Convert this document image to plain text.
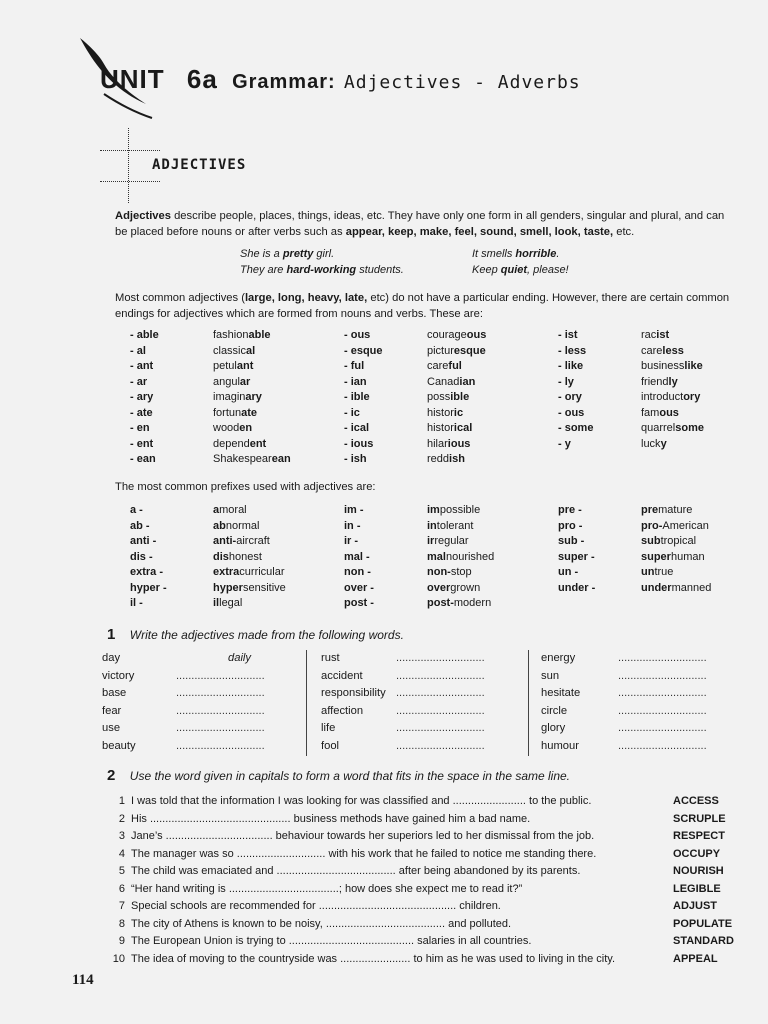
UNIT 6a Grammar: Adjectives - Adverbs
ADJECTIVES
Adjectives describe people, places, things, ideas, etc. They have only one form in all genders, singular and plural, and can be placed before nouns or after verbs such as appear, keep, make, feel, sound, smell, look, taste, etc.
She is a pretty girl.	It smells horrible.
They are hard-working students.	Keep quiet, please!
Most common adjectives (large, long, heavy, late, etc) do not have a particular ending. However, there are certain common endings for adjectives which are formed from nouns and verbs. These are:
- able	fashionable	- ous	courageous	- ist	racist
- al	classical	- esque	picturesque	- less	careless
- ant	petulant	- ful	careful	- like	businesslike
- ar	angular	- ian	Canadian	- ly	friendly
- ary	imaginary	- ible	possible	- ory	introductory
- ate	fortunate	- ic	historic	- ous	famous
- en	wooden	- ical	historical	- some	quarrelsome
- ent	dependent	- ious	hilarious	- y	lucky
- ean	Shakespearean	- ish	reddish
The most common prefixes used with adjectives are:
a -	amoral	im -	impossible	pre -	premature
ab -	abnormal	in -	intolerant	pro -	pro-American
anti -	anti-aircraft	ir -	irregular	sub -	subtropical
dis -	dishonest	mal -	malnourished	super -	superhuman
extra -	extracurricular	non -	non-stop	un -	untrue
hyper -	hypersensitive	over -	overgrown	under -	undermanned
il -	illegal	post -	post-modern
1 Write the adjectives made from the following words.
day	daily	rust	.............................	energy	.............................
victory	.............................	accident	.............................	sun	.............................
base	.............................	responsibility .............................	hesitate	.............................
fear	.............................	affection	.............................	circle	.............................
use	.............................	life	.............................	glory	.............................
beauty	.............................	fool	.............................	humour	.............................
2 Use the word given in capitals to form a word that fits in the space in the same line.
1 I was told that the information I was looking for was classified and ........................ to the public.	ACCESS
2 His .............................................. business methods have gained him a bad name.	SCRUPLE
3 Jane’s ................................... behaviour towards her superiors led to her dismissal from the job.	RESPECT
4 The manager was so ............................. with his work that he failed to notice me standing there.	OCCUPY
5 The child was emaciated and ....................................... after being abandoned by its parents.	NOURISH
6 “Her hand writing is ....................................; how does she expect me to read it?”	LEGIBLE
7 Special schools are recommended for ............................................. children.	ADJUST
8 The city of Athens is known to be noisy, ....................................... and polluted.	POPULATE
9 The European Union is trying to ......................................... salaries in all countries.	STANDARD
10 The idea of moving to the countryside was ....................... to him as he was used to living in the city.	APPEAL
114
